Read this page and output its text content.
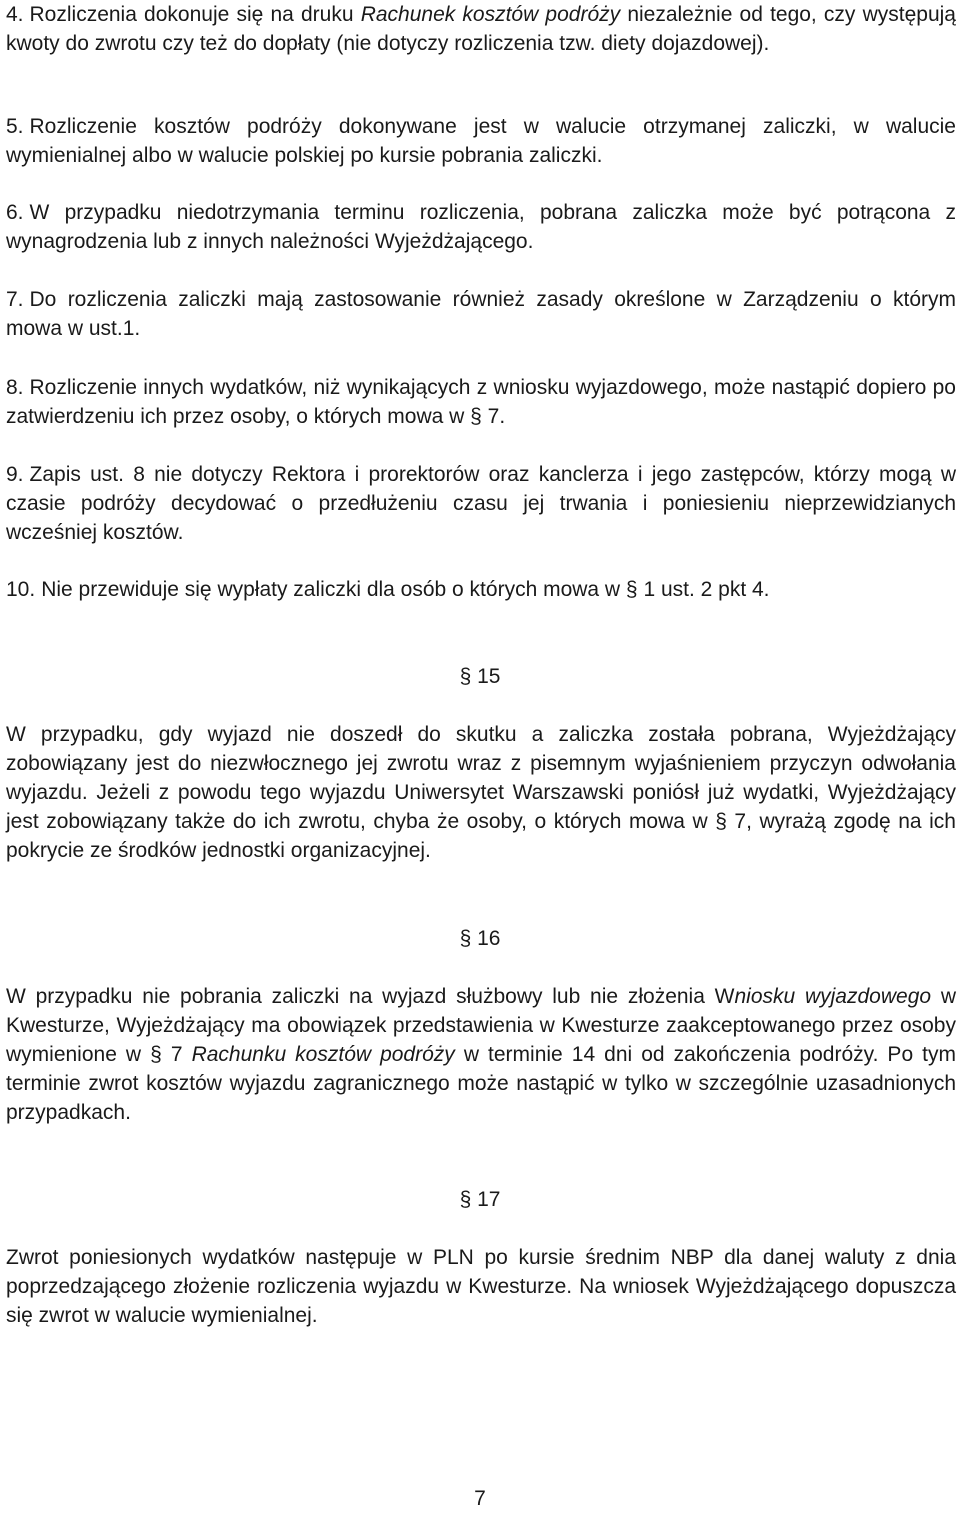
4. Rozliczenia dokonuje się na druku Rachunek kosztów podróży niezależnie od tego, czy występują kwoty do zwrotu czy też do dopłaty (nie dotyczy rozliczenia tzw. diety dojazdowej).

5. Rozliczenie kosztów podróży dokonywane jest w walucie otrzymanej zaliczki, w walucie wymienialnej albo w walucie polskiej po kursie pobrania zaliczki.

6. W przypadku niedotrzymania terminu rozliczenia, pobrana zaliczka może być potrącona z wynagrodzenia lub z innych należności Wyjeżdżającego.

7. Do rozliczenia zaliczki mają zastosowanie również zasady określone w Zarządzeniu o którym mowa w ust.1.

8. Rozliczenie innych wydatków, niż wynikających z wniosku wyjazdowego, może nastąpić dopiero po zatwierdzeniu ich przez osoby, o których mowa w § 7.

9. Zapis ust. 8 nie dotyczy Rektora i prorektorów oraz kanclerza i jego zastępców, którzy mogą w czasie podróży decydować o przedłużeniu czasu jej trwania i poniesieniu nieprzewidzianych wcześniej kosztów.

10. Nie przewiduje się wypłaty zaliczki dla osób o których mowa w § 1 ust. 2 pkt 4.

§ 15

W przypadku, gdy wyjazd nie doszedł do skutku a zaliczka została pobrana, Wyjeżdżający zobowiązany jest do niezwłocznego jej zwrotu wraz z pisemnym wyjaśnieniem przyczyn odwołania wyjazdu. Jeżeli z powodu tego wyjazdu Uniwersytet Warszawski poniósł już wydatki, Wyjeżdżający jest zobowiązany także do ich zwrotu, chyba że osoby, o których mowa w § 7, wyrażą zgodę na ich pokrycie ze środków jednostki organizacyjnej.

§ 16

W przypadku nie pobrania zaliczki na wyjazd służbowy lub nie złożenia Wniosku wyjazdowego w Kwesturze, Wyjeżdżający ma obowiązek przedstawienia w Kwesturze zaakceptowanego przez osoby wymienione w § 7 Rachunku kosztów podróży w terminie 14 dni od zakończenia podróży. Po tym terminie zwrot kosztów wyjazdu zagranicznego może nastąpić w tylko w szczególnie uzasadnionych przypadkach.

§ 17

Zwrot poniesionych wydatków następuje w PLN po kursie średnim NBP dla danej waluty z dnia poprzedzającego złożenie rozliczenia wyjazdu w Kwesturze. Na wniosek Wyjeżdżającego dopuszcza się zwrot w walucie wymienialnej.

7
